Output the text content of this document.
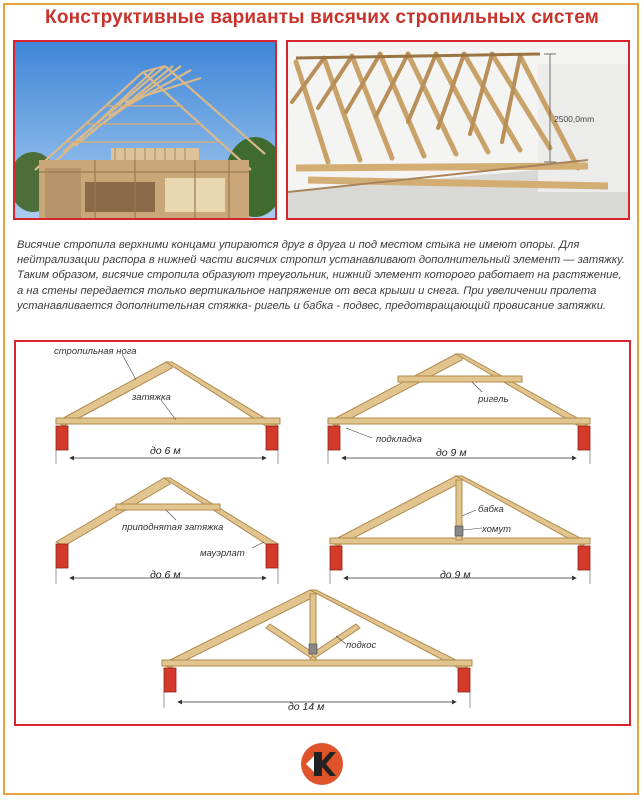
Конструктивные варианты висячих стропильных систем
2500,0mm
Висячие стропила верхними концами упираются друг в друга и под местом стыка не имеют опоры. Для нейтрализации распора в нижней части висячих стропил устанавливают дополнительный элемент — затяжку. Таким образом, висячие стропила образуют треугольник, нижний элемент которого работает на растяжение, а на стены передается только вертикальное напряжение от веса крыши и снега. При увеличении пролета устанавливается дополнительная стяжка- ригель и бабка - подвес, предотвращающий провисание затяжки.
стропильная нога
затяжка
до 6 м
ригель
подкладка
до 9 м
приподнятая затяжка
мауэрлат
до 6 м
бабка
хомут
до 9 м
подкос
до 14 м
